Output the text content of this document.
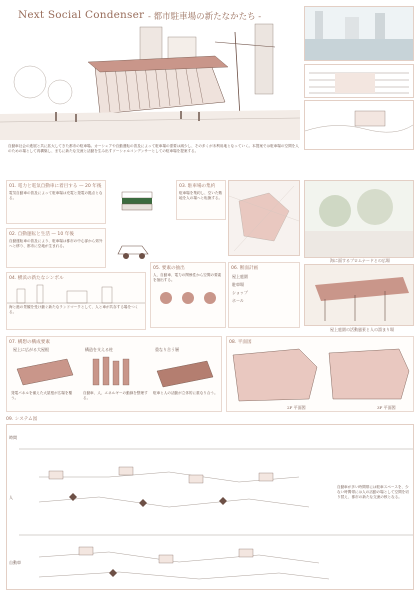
Next Social Condenser - 都市駐車場の新たなかたち -
自動車社会の進展と共に拡大してきた都市の駐車場。カーシェアや自動運転の普及によって駐車場の需要は減少し、その多くが未利用地となっていく。本提案では駐車場の空間を人のための場として再構築し、まちに新たな交流と活動を生み出すソーシャルコンデンサーとしての駐車場を提案する。
01. 電力と電気自動車に着目する — 20 年後
電気自動車の普及によって駐車場は充電と発電の拠点となる。
02. 自動運転と生活 — 10 年後
自動運転車の普及により、駐車場は都市の中心部から郊外へと移り、都市に空地が生まれる。
03. 駐車場の集約
駐車場を集約し、空いた敷地を人の場へと転換する。
04. 横浜の新たなシンボル
海と港の景観を受け継ぐ新たなランドマークとして、人と車が共存する場をつくる。
05. 要素の抽出
人、自動車、電力の関係性から空間の要素を抽出する。
06. 断面計画
屋上庭園
駐車場
ショップ
ホール
海に面するプロムナードとの広場
屋上庭園の活動風景と人の溜まり場
07. 構想の構成要素
屋上に広がる大屋根	構造を支える柱	重なり合う層
発電パネルを備えた大屋根が広場を覆う。
自動車、人、エネルギーの動線を整理する。
駐車と人の活動が立体的に重なり合う。
08. 平面図
2F 平面図	3F 平面図
09. システム図
時間
人
自動車
自動車が多い時間帯には駐車スペースを、少ない時間帯には人の活動の場として空間を切り替え、都市の新たな交流の核となる。
